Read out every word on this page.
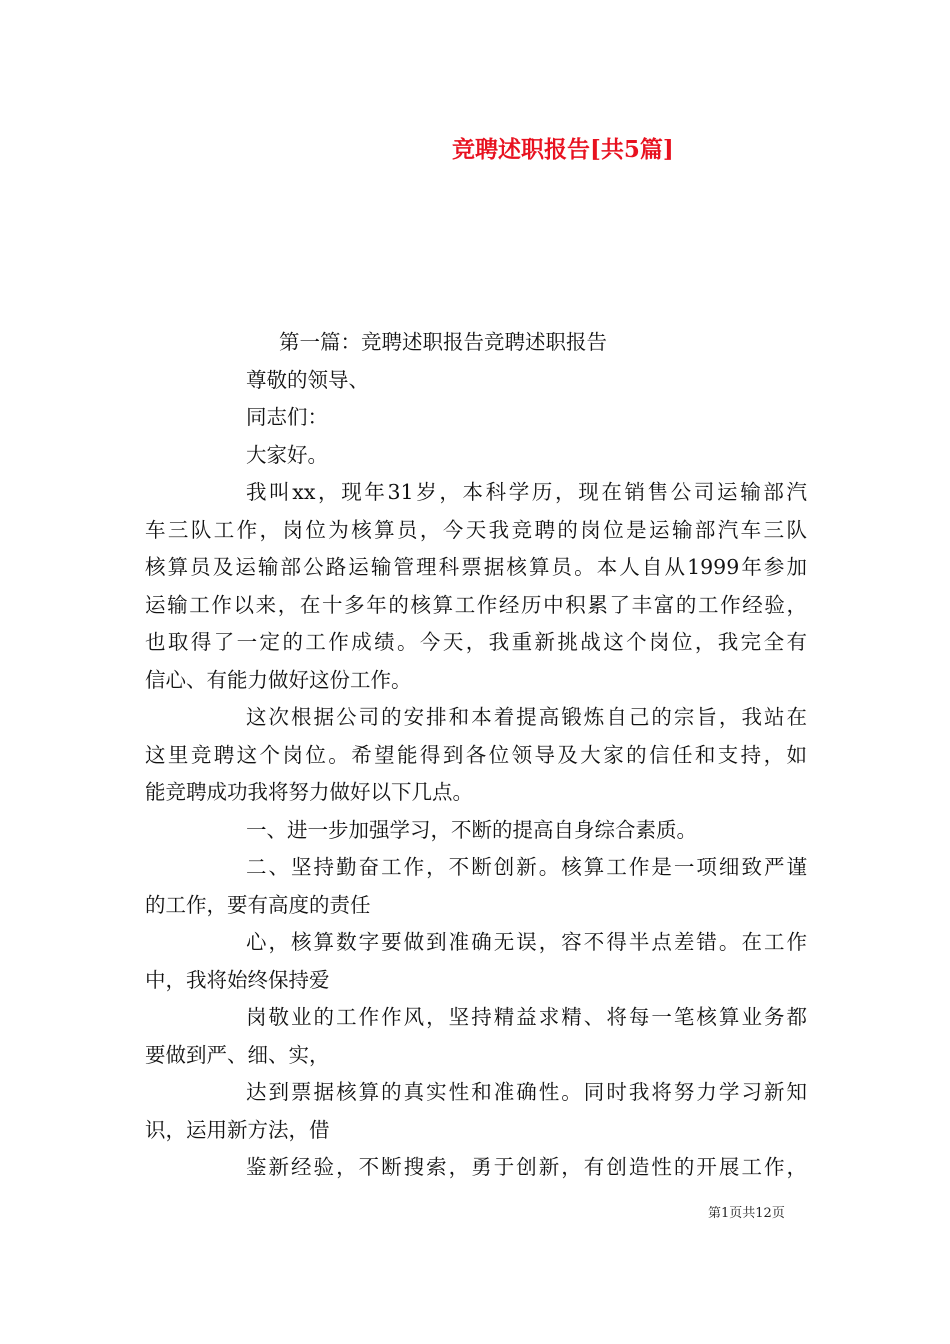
竞聘述职报告[共5篇]
第一篇：竞聘述职报告竞聘述职报告
尊敬的领导、
同志们：
大家好。
我叫xx，现年31岁，本科学历，现在销售公司运输部汽
车三队工作，岗位为核算员，今天我竞聘的岗位是运输部汽车三队
核算员及运输部公路运输管理科票据核算员。本人自从1999年参加
运输工作以来，在十多年的核算工作经历中积累了丰富的工作经验，
也取得了一定的工作成绩。今天，我重新挑战这个岗位，我完全有
信心、有能力做好这份工作。
这次根据公司的安排和本着提高锻炼自己的宗旨，我站在
这里竞聘这个岗位。希望能得到各位领导及大家的信任和支持，如
能竞聘成功我将努力做好以下几点。
一、进一步加强学习，不断的提高自身综合素质。
二、坚持勤奋工作，不断创新。核算工作是一项细致严谨
的工作，要有高度的责任
心，核算数字要做到准确无误，容不得半点差错。在工作
中，我将始终保持爱
岗敬业的工作作风，坚持精益求精、将每一笔核算业务都
要做到严、细、实，
达到票据核算的真实性和准确性。同时我将努力学习新知
识，运用新方法，借
鉴新经验，不断搜索，勇于创新，有创造性的开展工作，
第1页共12页
